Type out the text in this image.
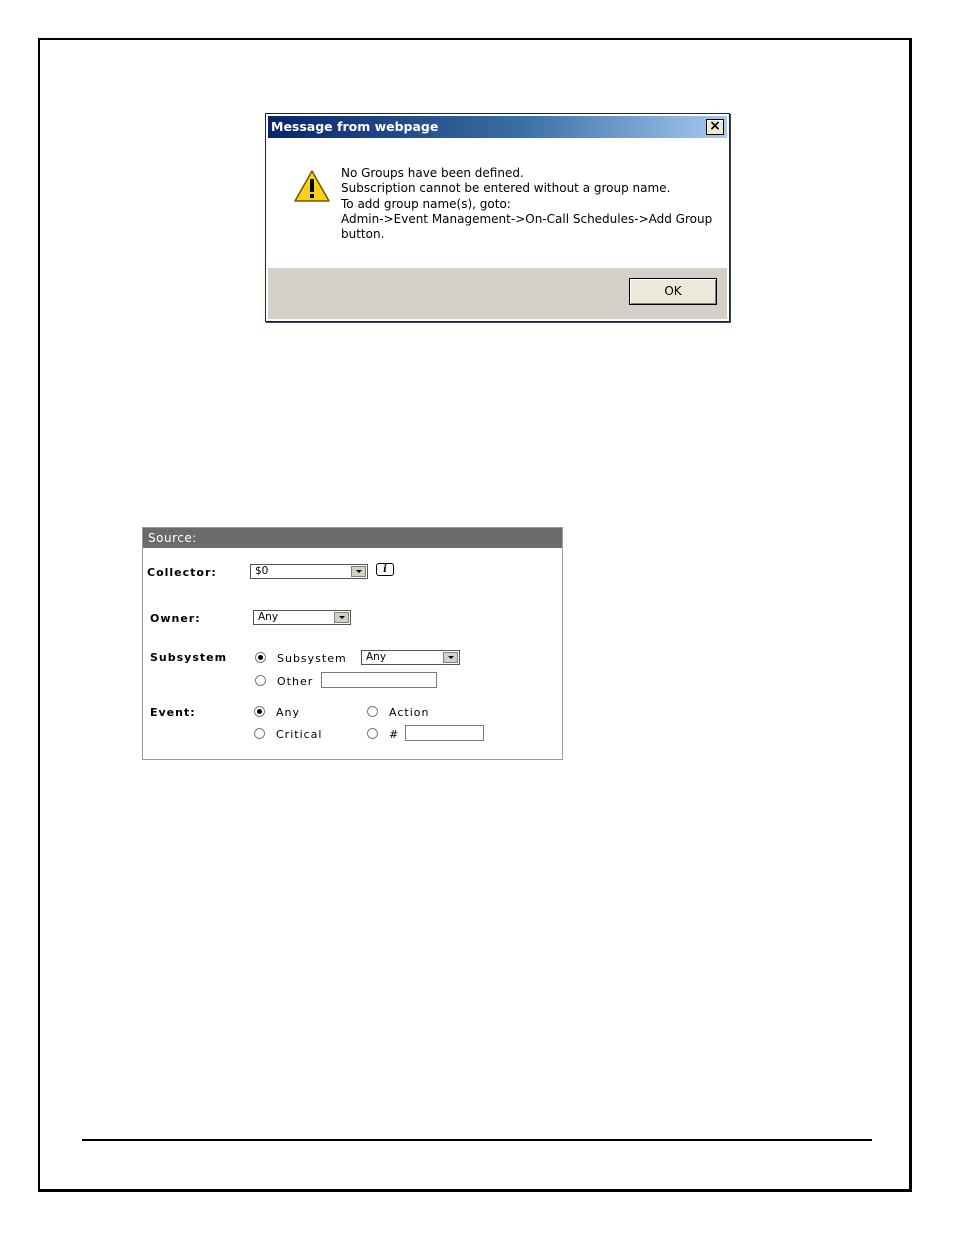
Message from webpage	×
No Groups have been defined.
Subscription cannot be entered without a group name.
To add group name(s), goto:
Admin->Event Management->On-Call Schedules->Add Group
button.
OK
Source:
Collector:	$0	i
Owner:	Any
Subsystem	Subsystem	Any
Other
Event:	Any	Action
Critical	#
